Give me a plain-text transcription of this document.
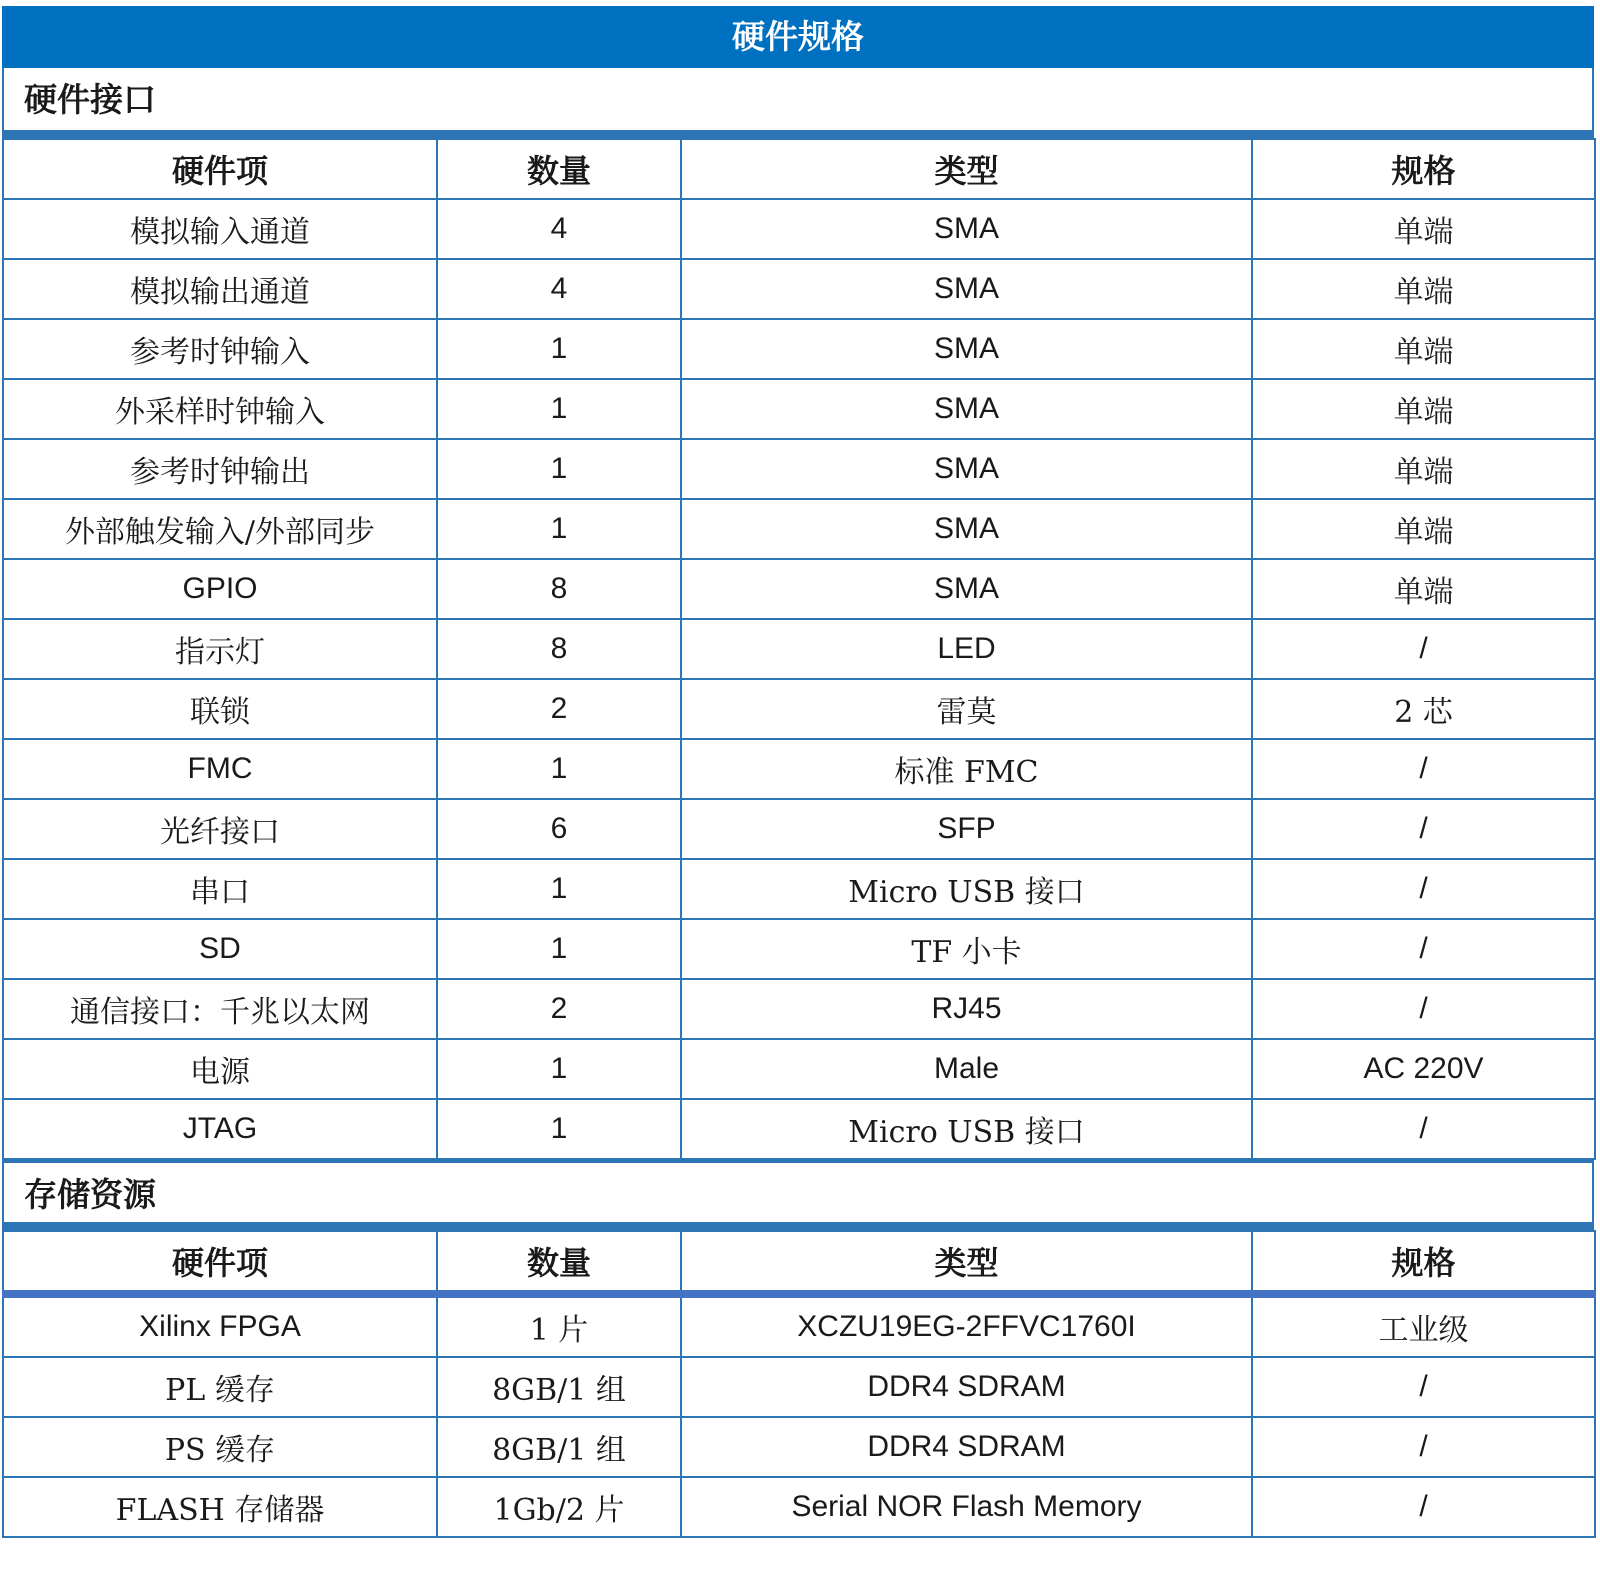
硬件规格
硬件接口
硬件项	数量	类型	规格
模拟输入通道	4	SMA	单端
模拟输出通道	4	SMA	单端
参考时钟输入	1	SMA	单端
外采样时钟输入	1	SMA	单端
参考时钟输出	1	SMA	单端
外部触发输入/外部同步	1	SMA	单端
GPIO	8	SMA	单端
指示灯	8	LED	/
联锁	2	雷莫	2 芯
FMC	1	标准 FMC	/
光纤接口	6	SFP	/
串口	1	Micro USB 接口	/
SD	1	TF 小卡	/
通信接口：千兆以太网	2	RJ45	/
电源	1	Male	AC 220V
JTAG	1	Micro USB 接口	/
存储资源
硬件项	数量	类型	规格
Xilinx FPGA	1 片	XCZU19EG-2FFVC1760I	工业级
PL 缓存	8GB/1 组	DDR4 SDRAM	/
PS 缓存	8GB/1 组	DDR4 SDRAM	/
FLASH 存储器	1Gb/2 片	Serial NOR Flash Memory	/
